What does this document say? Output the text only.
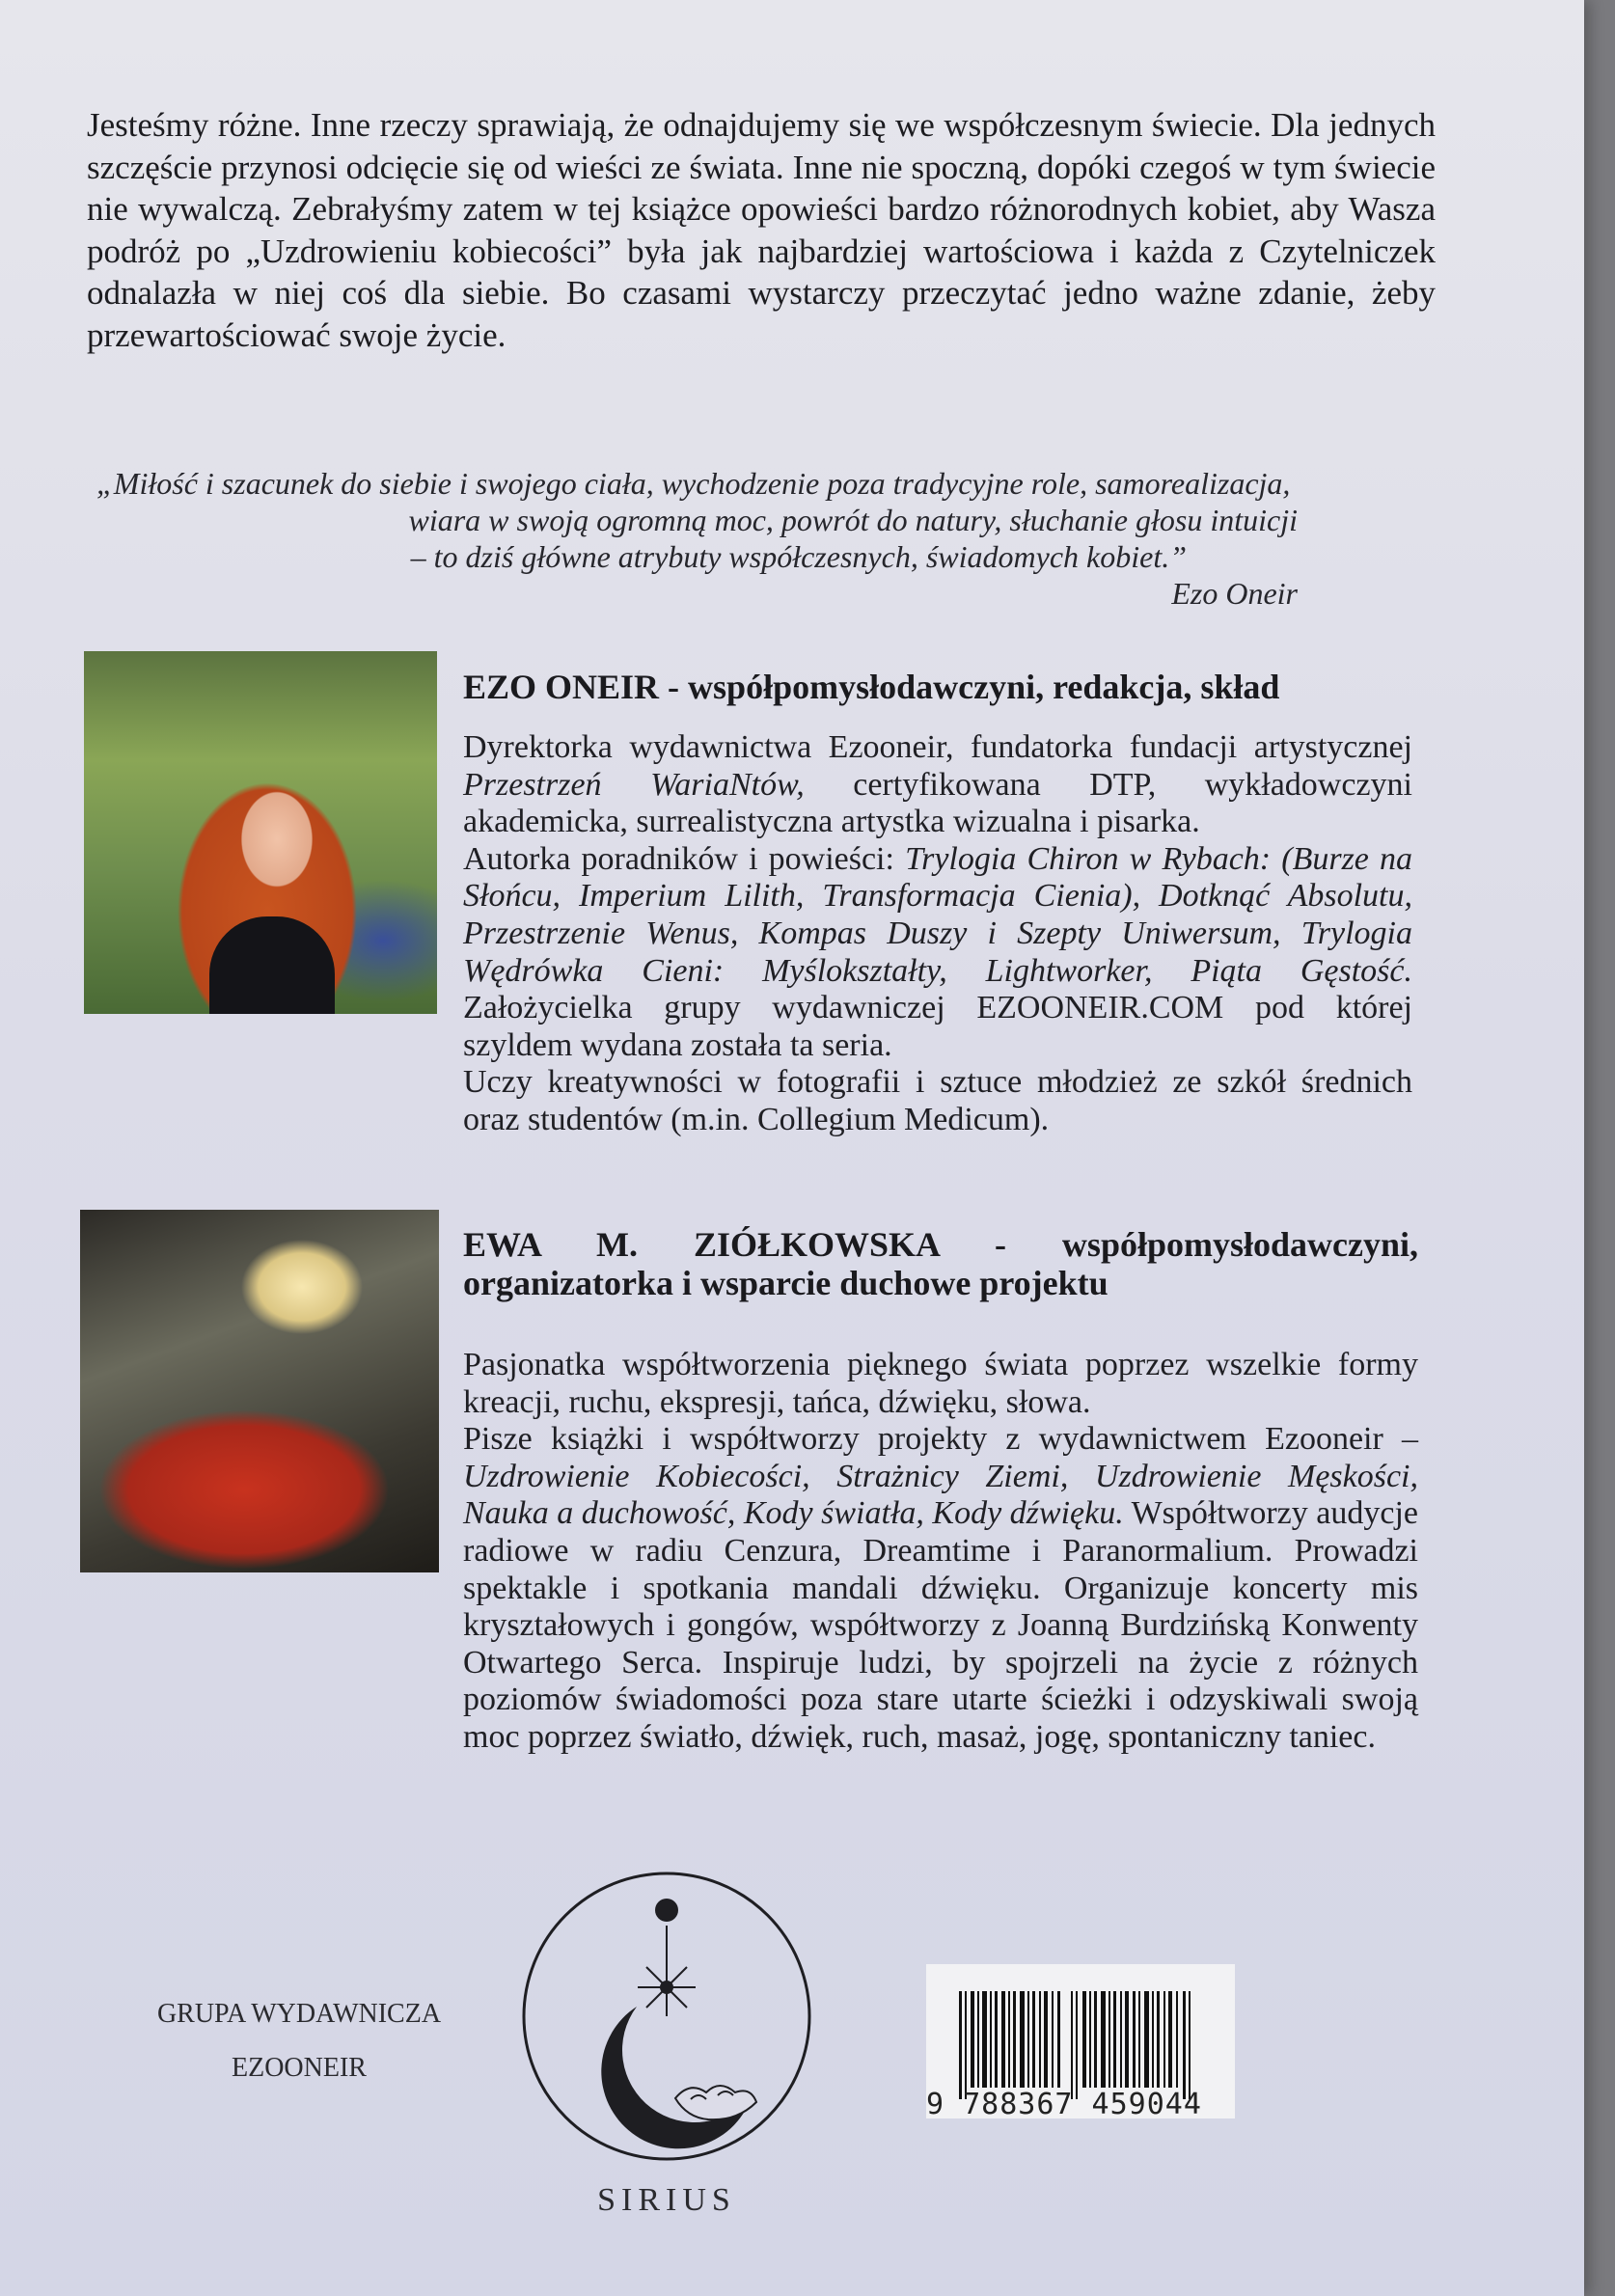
Jesteśmy różne. Inne rzeczy sprawiają, że odnajdujemy się we współczesnym świecie. Dla jednych szczęście przynosi odcięcie się od wieści ze świata. Inne nie spoczną, dopóki czegoś w tym świecie nie wywalczą. Zebrałyśmy zatem w tej książce opowieści bardzo różnorodnych kobiet, aby Wasza podróż po „Uzdrowieniu kobiecości” była jak najbardziej wartościowa i każda z Czytelniczek odnalazła w niej coś dla siebie. Bo czasami wystarczy przeczytać jedno ważne zdanie, żeby przewartościować swoje życie.

„Miłość i szacunek do siebie i swojego ciała, wychodzenie poza tradycyjne role, samorealizacja,
wiara w swoją ogromną moc, powrót do natury, słuchanie głosu intuicji
– to dziś główne atrybuty współczesnych, świadomych kobiet.”
Ezo Oneir
EZO ONEIR - współpomysłodawczyni, redakcja, skład

Dyrektorka wydawnictwa Ezooneir, fundatorka fundacji artystycznej Przestrzeń WariaNtów, certyfikowana DTP, wykładowczyni akademicka, surrealistyczna artystka wizualna i pisarka.

Autorka poradników i powieści: Trylogia Chiron w Rybach: (Burze na Słońcu, Imperium Lilith, Transformacja Cienia), Dotknąć Absolutu, Przestrzenie Wenus, Kompas Duszy i Szepty Uniwersum, Trylogia Wędrówka Cieni: Myślokształty, Lightworker, Piąta Gęstość. Założycielka grupy wydawniczej EZOONEIR.COM pod której szyldem wydana została ta seria.

Uczy kreatywności w fotografii i sztuce młodzież ze szkół średnich oraz studentów (m.in. Collegium Medicum).

EWA M. ZIÓŁKOWSKA - współpomysłodawczyni,
organizatorka i wsparcie duchowe projektu

Pasjonatka współtworzenia pięknego świata poprzez wszelkie formy kreacji, ruchu, ekspresji, tańca, dźwięku, słowa.

Pisze książki i współtworzy projekty z wydawnictwem Ezooneir – Uzdrowienie Kobiecości, Strażnicy Ziemi, Uzdrowienie Męskości, Nauka a duchowość, Kody światła, Kody dźwięku. Współtworzy audycje radiowe w radiu Cenzura, Dreamtime i Paranormalium. Prowadzi spektakle i spotkania mandali dźwięku. Organizuje koncerty mis kryształowych i gongów, współtworzy z Joanną Burdzińską Konwenty Otwartego Serca. Inspiruje ludzi, by spojrzeli na życie z różnych poziomów świadomości poza stare utarte ścieżki i odzyskiwali swoją moc poprzez światło, dźwięk, ruch, masaż, jogę, spontaniczny taniec.

GRUPA WYDAWNICZA
EZOONEIR
SIRIUS
9 788367 459044
